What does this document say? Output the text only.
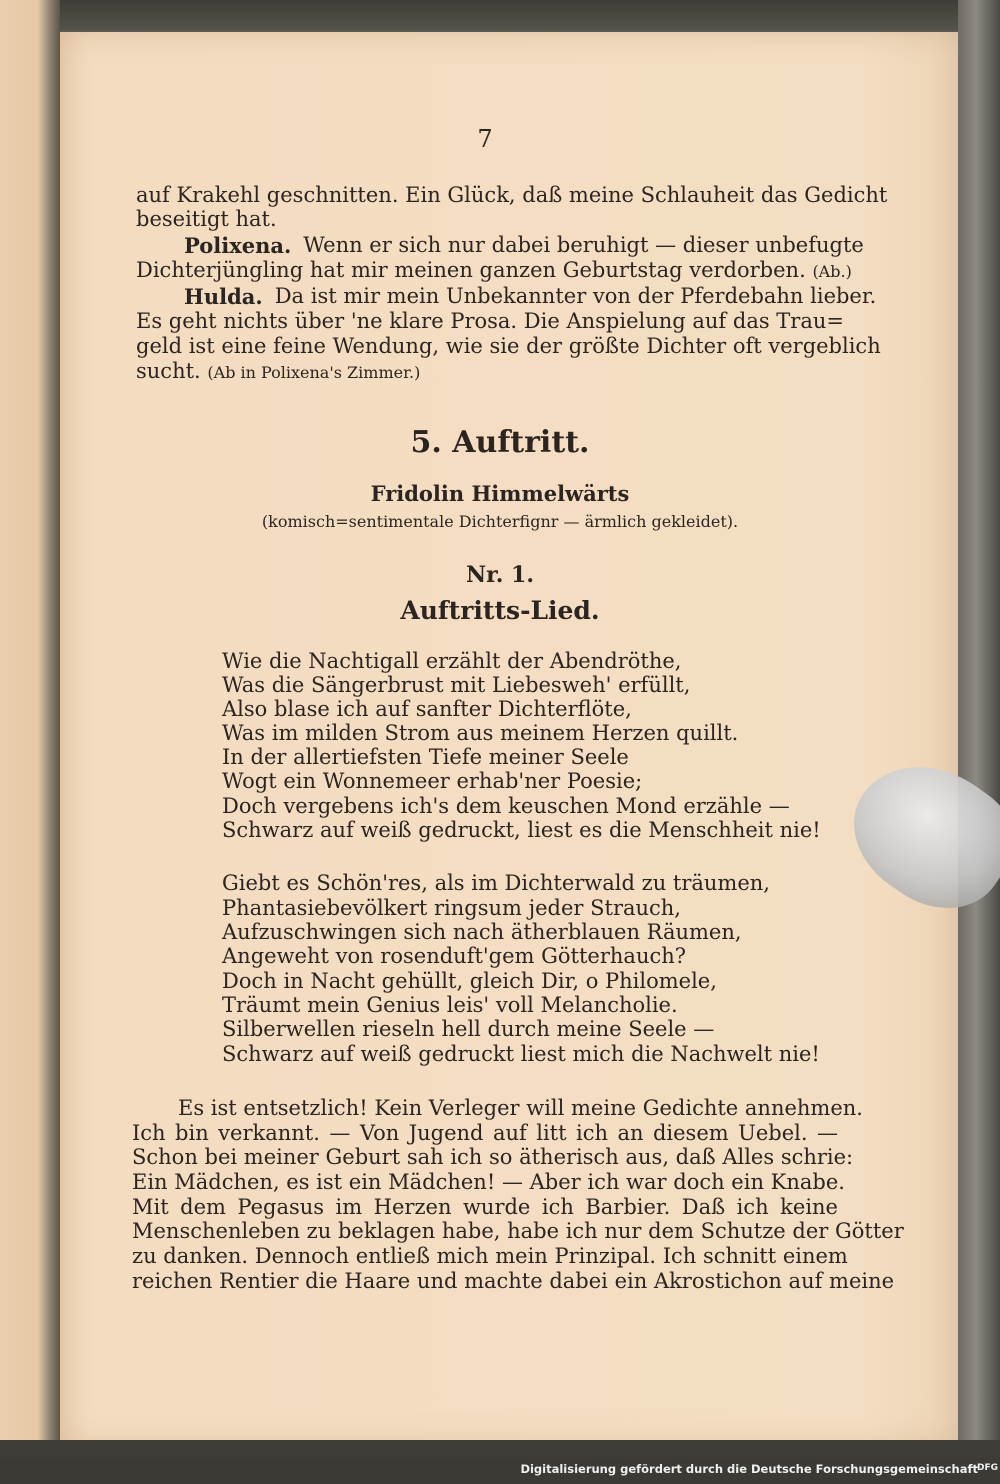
7
auf Krakehl geschnitten. Ein Glück, daß meine Schlauheit das Gedicht
beseitigt hat.
Polixena. Wenn er sich nur dabei beruhigt — dieser unbefugte
Dichterjüngling hat mir meinen ganzen Geburtstag verdorben. (Ab.)
Hulda. Da ist mir mein Unbekannter von der Pferdebahn lieber.
Es geht nichts über 'ne klare Prosa. Die Anspielung auf das Trau=
geld ist eine feine Wendung, wie sie der größte Dichter oft vergeblich
sucht. (Ab in Polixena's Zimmer.)
5. Auftritt.
Fridolin Himmelwärts
(komisch=sentimentale Dichterfignr — ärmlich gekleidet).
Nr. 1.
Auftritts-Lied.
Wie die Nachtigall erzählt der Abendröthe,
Was die Sängerbrust mit Liebesweh' erfüllt,
Also blase ich auf sanfter Dichterflöte,
Was im milden Strom aus meinem Herzen quillt.
In der allertiefsten Tiefe meiner Seele
Wogt ein Wonnemeer erhab'ner Poesie;
Doch vergebens ich's dem keuschen Mond erzähle —
Schwarz auf weiß gedruckt, liest es die Menschheit nie!
Giebt es Schön'res, als im Dichterwald zu träumen,
Phantasiebevölkert ringsum jeder Strauch,
Aufzuschwingen sich nach ätherblauen Räumen,
Angeweht von rosenduft'gem Götterhauch?
Doch in Nacht gehüllt, gleich Dir, o Philomele,
Träumt mein Genius leis' voll Melancholie.
Silberwellen rieseln hell durch meine Seele —
Schwarz auf weiß gedruckt liest mich die Nachwelt nie!
Es ist entsetzlich! Kein Verleger will meine Gedichte annehmen.
Ich bin verkannt. — Von Jugend auf litt ich an diesem Uebel. —
Schon bei meiner Geburt sah ich so ätherisch aus, daß Alles schrie:
Ein Mädchen, es ist ein Mädchen! — Aber ich war doch ein Knabe.
Mit dem Pegasus im Herzen wurde ich Barbier. Daß ich keine
Menschenleben zu beklagen habe, habe ich nur dem Schutze der Götter
zu danken. Dennoch entließ mich mein Prinzipal. Ich schnitt einem
reichen Rentier die Haare und machte dabei ein Akrostichon auf meine
Digitalisierung gefördert durch die Deutsche Forschungsgemeinschaft
DFG
